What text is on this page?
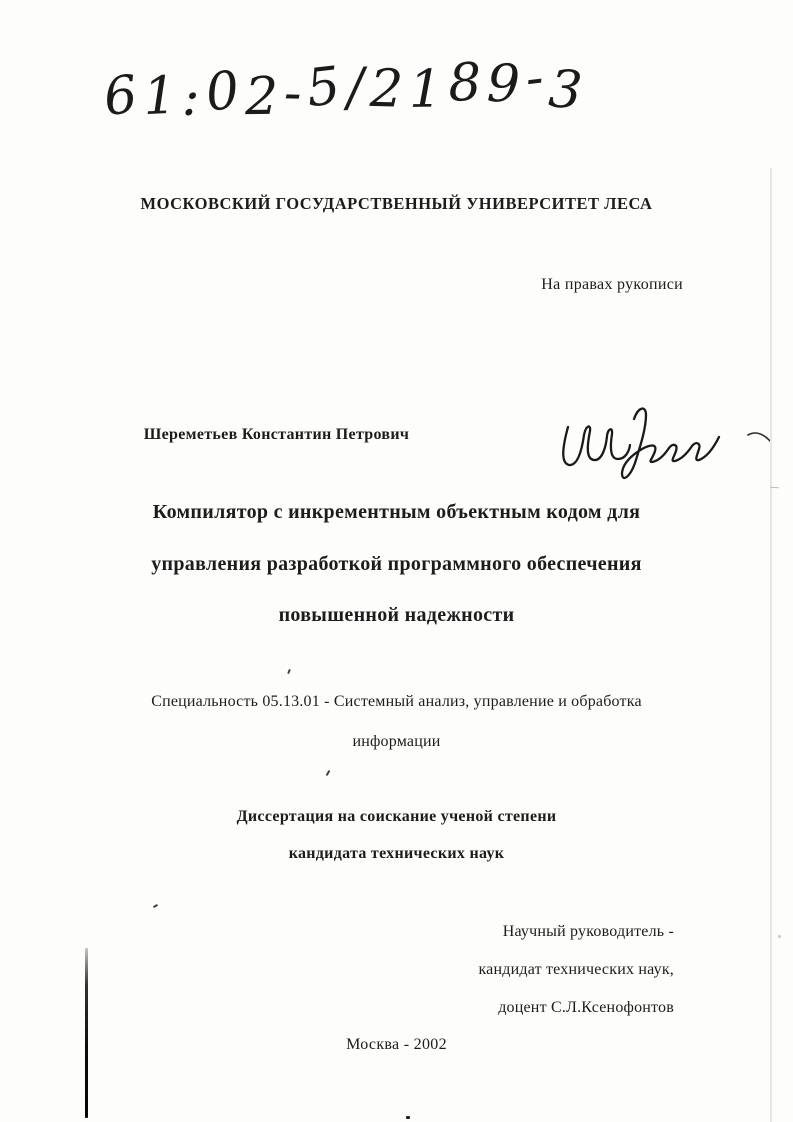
61:02-5/2189-3
МОСКОВСКИЙ ГОСУДАРСТВЕННЫЙ УНИВЕРСИТЕТ ЛЕСА
На правах рукописи
Шереметьев Константин Петрович
Компилятор с инкрементным объектным кодом для
управления разработкой программного обеспечения
повышенной надежности
Специальность 05.13.01 - Системный анализ, управление и обработка
информации
Диссертация на соискание ученой степени
кандидата технических наук
Научный руководитель -
кандидат технических наук,
доцент С.Л.Ксенофонтов
Москва - 2002
